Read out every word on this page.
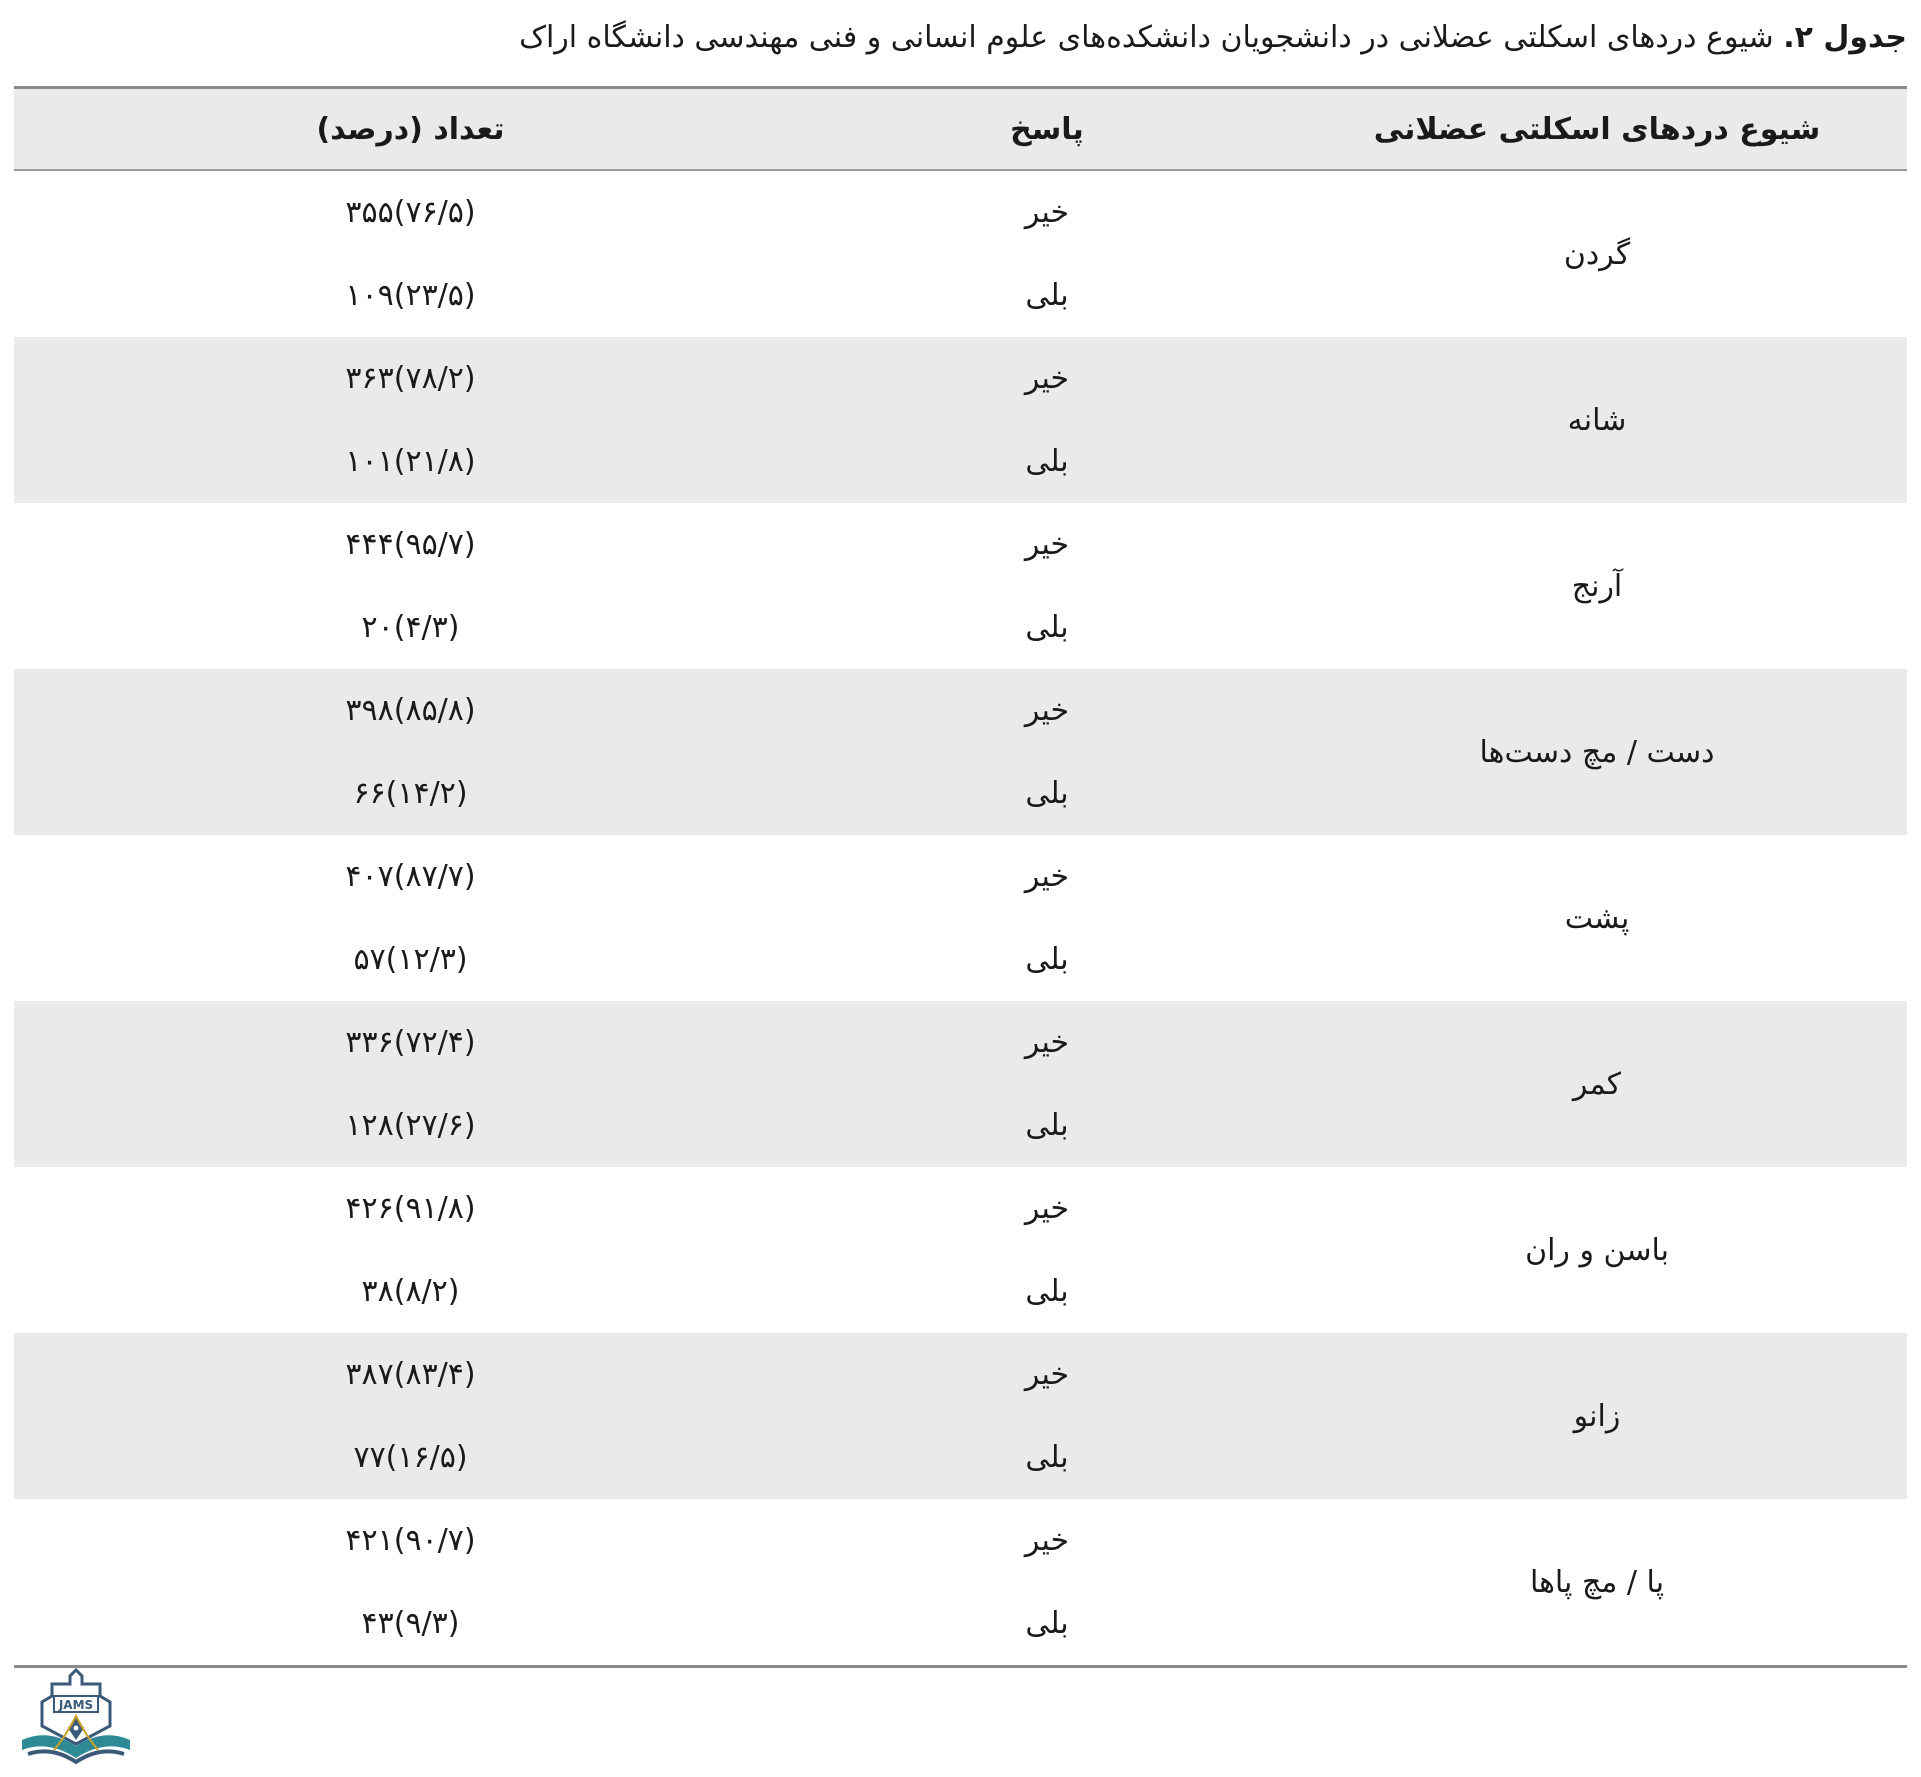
جدول ۲. شیوع دردهای اسکلتی عضلانی در دانشجویان دانشکده‌های علوم انسانی و فنی مهندسی دانشگاه اراک
شیوع دردهای اسکلتی عضلانی
پاسخ
تعداد (درصد)
گردن
خیر
بلی
۳۵۵(۷۶/۵)
۱۰۹(۲۳/۵)
شانه
خیر
بلی
۳۶۳(۷۸/۲)
۱۰۱(۲۱/۸)
آرنج
خیر
بلی
۴۴۴(۹۵/۷)
۲۰(۴/۳)
دست / مچ دست‌ها
خیر
بلی
۳۹۸(۸۵/۸)
۶۶(۱۴/۲)
پشت
خیر
بلی
۴۰۷(۸۷/۷)
۵۷(۱۲/۳)
کمر
خیر
بلی
۳۳۶(۷۲/۴)
۱۲۸(۲۷/۶)
باسن و ران
خیر
بلی
۴۲۶(۹۱/۸)
۳۸(۸/۲)
زانو
خیر
بلی
۳۸۷(۸۳/۴)
۷۷(۱۶/۵)
پا / مچ پاها
خیر
بلی
۴۲۱(۹۰/۷)
۴۳(۹/۳)
JAMS
